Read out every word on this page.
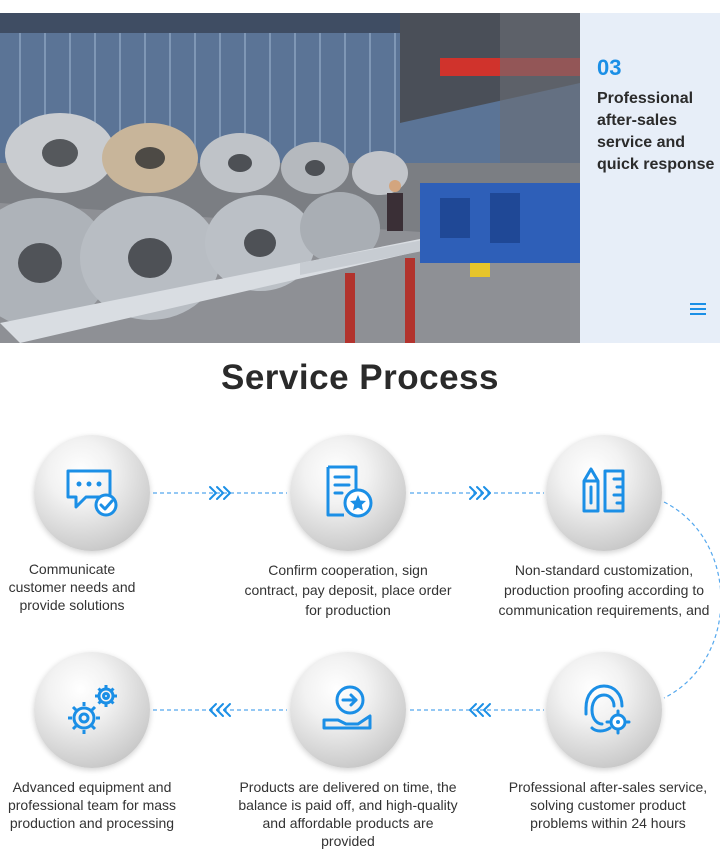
03
Professional after-sales service and quick response
Service Process
Communicate customer needs and provide solutions
Confirm cooperation, sign contract, pay deposit, place order for production
Non-standard customization, production proofing according to communication requirements, and
Advanced equipment and professional team for mass production and processing
Products are delivered on time, the balance is paid off, and high-quality and affordable products are provided
Professional after-sales service, solving customer product problems within 24 hours
